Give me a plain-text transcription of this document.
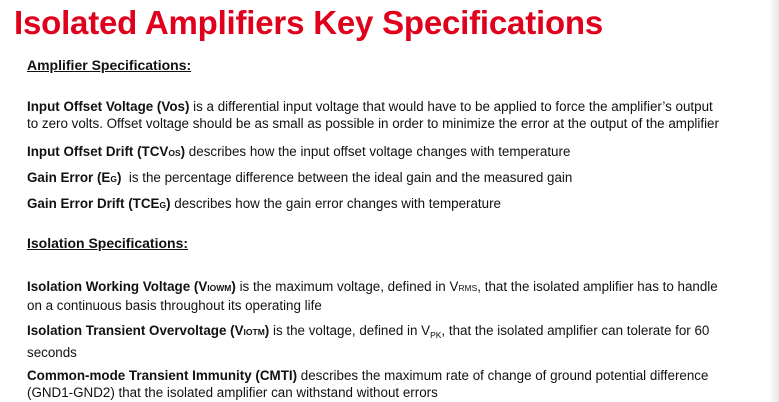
Isolated Amplifiers Key Specifications
Amplifier Specifications:
Input Offset Voltage (Vos) is a differential input voltage that would have to be applied to force the amplifier’s output
to zero volts. Offset voltage should be as small as possible in order to minimize the error at the output of the amplifier
Input Offset Drift (TCVOS) describes how the input offset voltage changes with temperature
Gain Error (EG)  is the percentage difference between the ideal gain and the measured gain
Gain Error Drift (TCEG) describes how the gain error changes with temperature
Isolation Specifications:
Isolation Working Voltage (VIOWM) is the maximum voltage, defined in VRMS, that the isolated amplifier has to handle
on a continuous basis throughout its operating life
Isolation Transient Overvoltage (VIOTM) is the voltage, defined in $V_{PK}$, that the isolated amplifier can tolerate for 60
seconds
Common-mode Transient Immunity (CMTI) describes the maximum rate of change of ground potential difference
(GND1-GND2) that the isolated amplifier can withstand without errors
